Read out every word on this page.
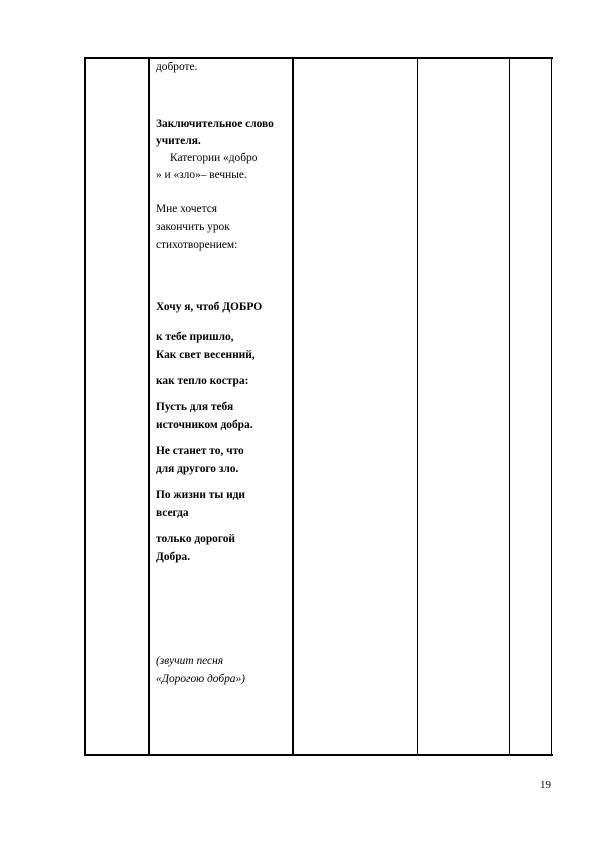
доброте.

Заключительное слово учителя.

Категории «добро

» и «зло»– вечные.

Мне хочется

закончить урок

стихотворением:

Хочу я, чтоб ДОБРО

к тебе пришло,

Как свет весенний,

как тепло костра:

Пусть для тебя

источником добра.

Не станет то, что

для другого зло.

По жизни ты иди

всегда

только дорогой

Добра.

(звучит песня

«Дорогою добра»)

19
